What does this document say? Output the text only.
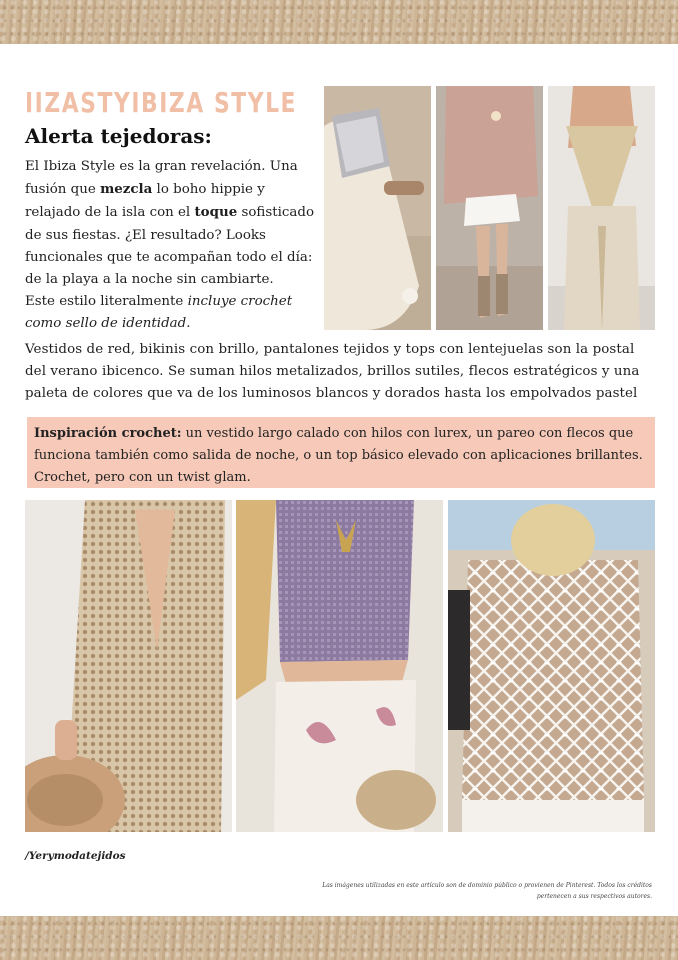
IIZASTYIBIZA STYLE
Alerta tejedoras:

El Ibiza Style es la gran revelación. Una fusión que mezcla lo boho hippie y relajado de la isla con el toque sofisticado de sus fiestas. ¿El resultado? Looks funcionales que te acompañan todo el día: de la playa a la noche sin cambiarte.
Este estilo literalmente incluye crochet como sello de identidad.

Vestidos de red, bikinis con brillo, pantalones tejidos y tops con lentejuelas son la postal del verano ibicenco. Se suman hilos metalizados, brillos sutiles, flecos estratégicos y una paleta de colores que va de los luminosos blancos y dorados hasta los empolvados pastel

Inspiración crochet: un vestido largo calado con hilos con lurex, un pareo con flecos que funciona también como salida de noche, o un top básico elevado con aplicaciones brillantes. Crochet, pero con un twist glam.
/Yerymodatejidos
Las imágenes utilizadas en este artículo son de dominio público o provienen de Pinterest. Todos los créditos
pertenecen a sus respectivos autores.
